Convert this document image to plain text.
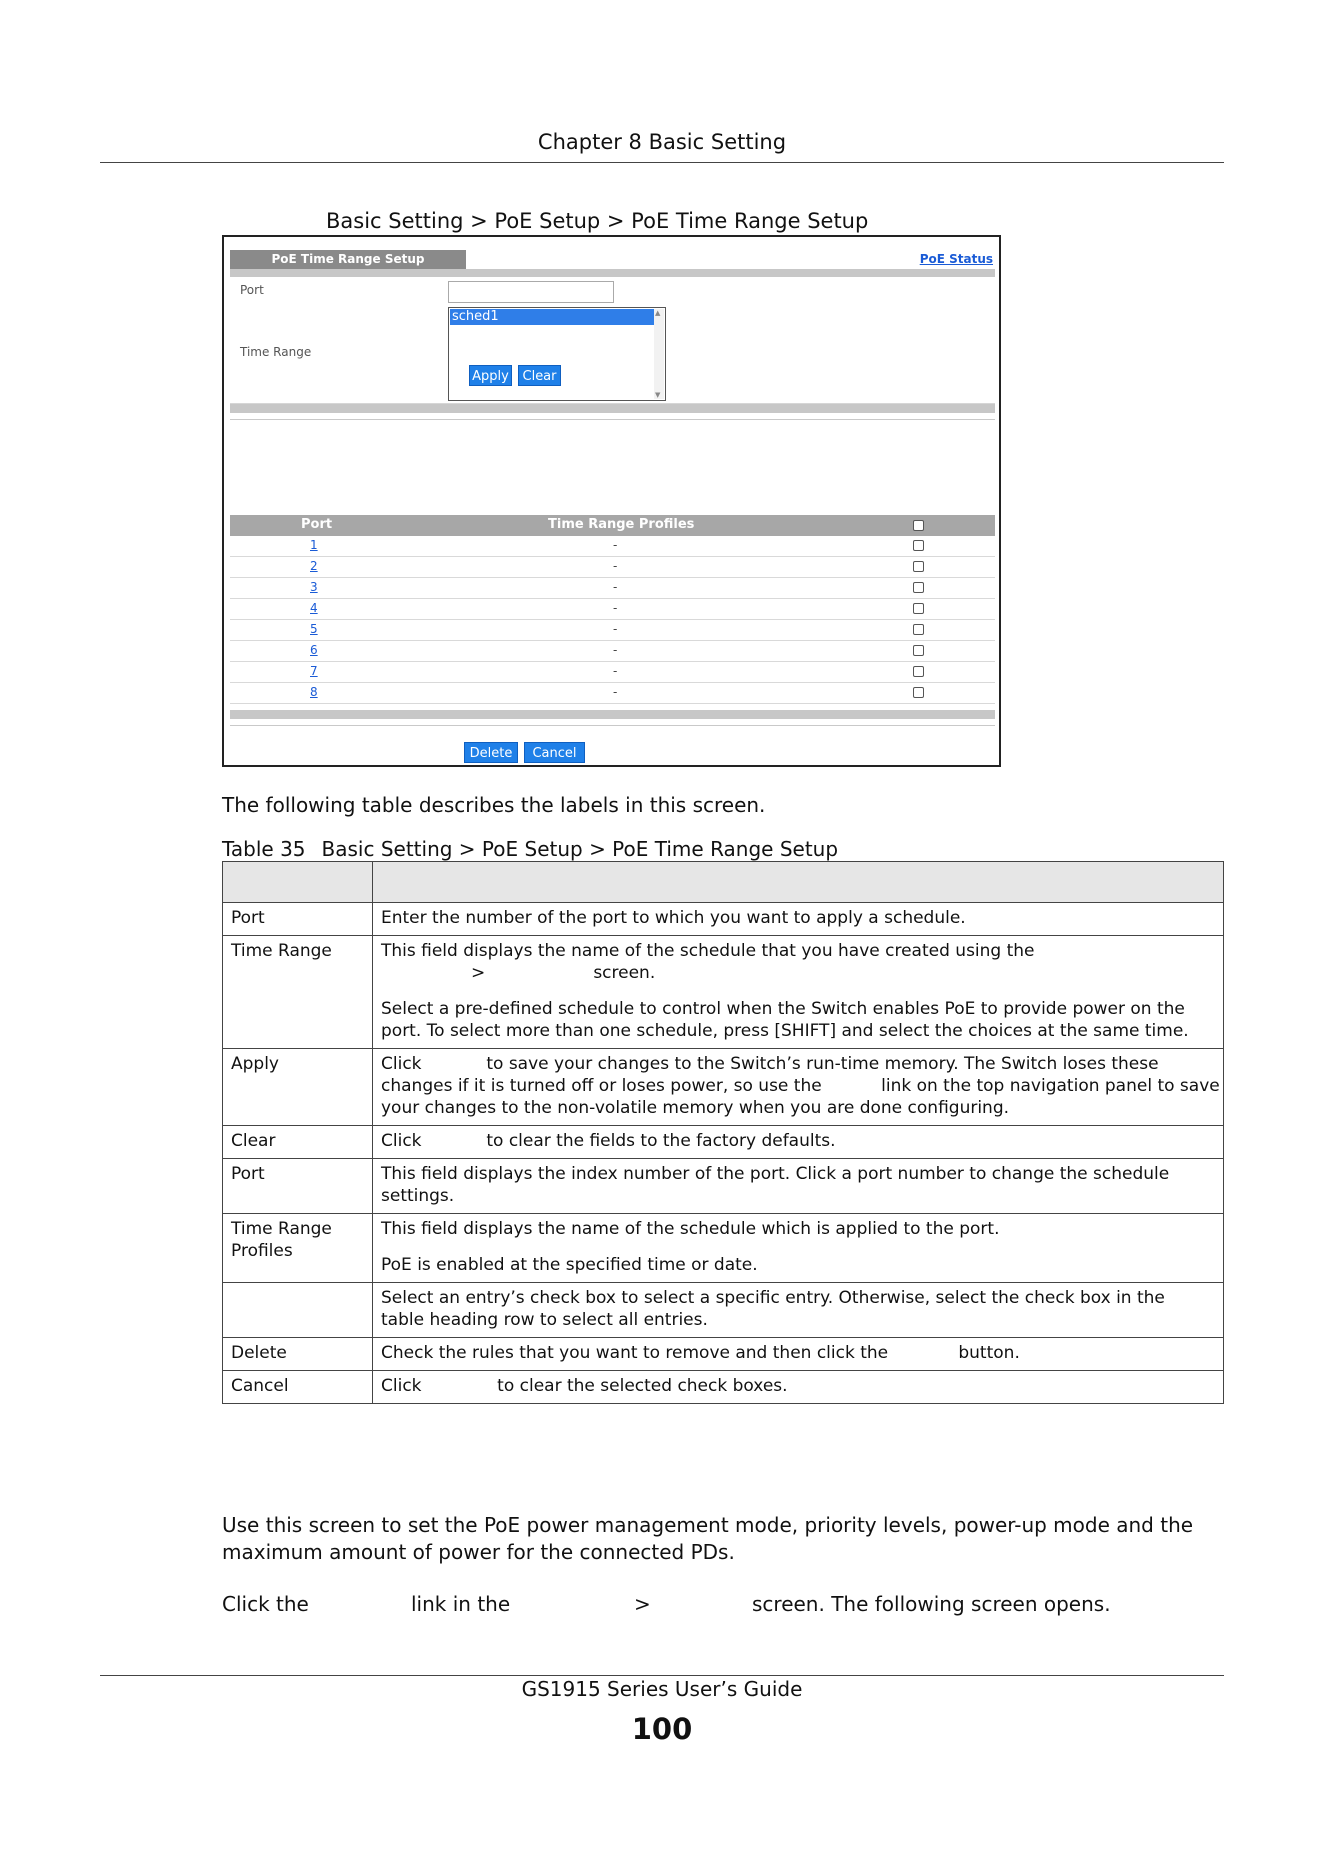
Chapter 8 Basic Setting
Basic Setting > PoE Setup > PoE Time Range Setup
PoE Time Range Setup	PoE Status
Port
Time Range
sched1	▲
▼
Apply	Clear
Port	Time Range Profiles
1	-
2	-
3	-
4	-
5	-
6	-
7	-
8	-
Delete	Cancel
The following table describes the labels in this screen.
Table 35 Basic Setting > PoE Setup > PoE Time Range Setup

Port	Enter the number of the port to which you want to apply a schedule.

Time Range	This field displays the name of the schedule that you have created using the
>                    screen.

Select a pre-defined schedule to control when the Switch enables PoE to provide power on the
port. To select more than one schedule, press [SHIFT] and select the choices at the same time.

Apply	Click            to save your changes to the Switch’s run-time memory. The Switch loses these
changes if it is turned off or loses power, so use the           link on the top navigation panel to save
your changes to the non-volatile memory when you are done configuring.

Clear	Click            to clear the fields to the factory defaults.

Port	This field displays the index number of the port. Click a port number to change the schedule
settings.

Time Range Profiles	This field displays the name of the schedule which is applied to the port.

PoE is enabled at the specified time or date.

	Select an entry’s check box to select a specific entry. Otherwise, select the check box in the
table heading row to select all entries.

Delete	Check the rules that you want to remove and then click the             button.

Cancel	Click              to clear the selected check boxes.
Use this screen to set the PoE power management mode, priority levels, power-up mode and the maximum amount of power for the connected PDs.
Click the	link in the	>	screen. The following screen opens.
GS1915 Series User’s Guide
100
